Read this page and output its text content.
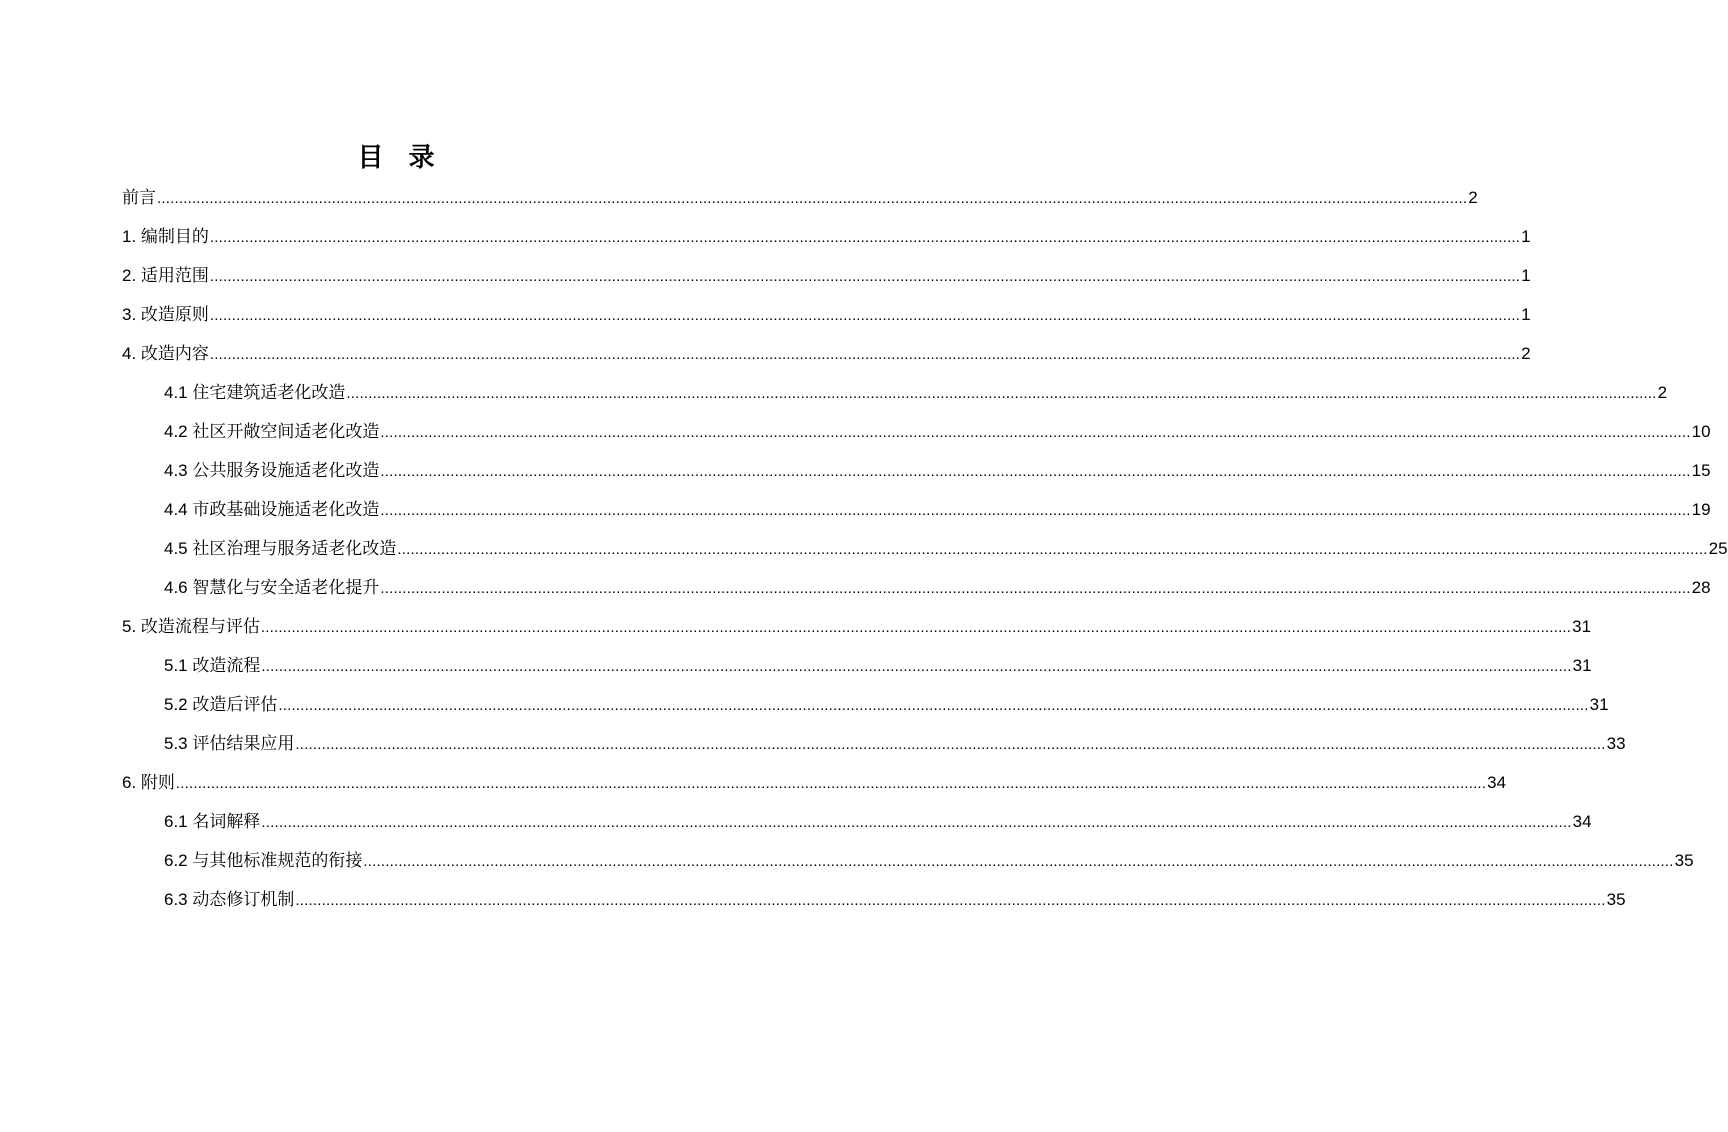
目 录
前言 ............................................................................................................................................................................................................................................................................................................ 2
1. 编制目的 ............................................................................................................................................................................................................................................................................................................ 1
2. 适用范围 ............................................................................................................................................................................................................................................................................................................ 1
3. 改造原则 ............................................................................................................................................................................................................................................................................................................ 1
4. 改造内容 ............................................................................................................................................................................................................................................................................................................ 2
4.1 住宅建筑适老化改造 ............................................................................................................................................................................................................................................................................................................ 2
4.2 社区开敞空间适老化改造 ............................................................................................................................................................................................................................................................................................................ 10
4.3 公共服务设施适老化改造 ............................................................................................................................................................................................................................................................................................................ 15
4.4 市政基础设施适老化改造 ............................................................................................................................................................................................................................................................................................................ 19
4.5 社区治理与服务适老化改造 ............................................................................................................................................................................................................................................................................................................ 25
4.6 智慧化与安全适老化提升 ............................................................................................................................................................................................................................................................................................................ 28
5. 改造流程与评估 ............................................................................................................................................................................................................................................................................................................ 31
5.1 改造流程 ............................................................................................................................................................................................................................................................................................................ 31
5.2 改造后评估 ............................................................................................................................................................................................................................................................................................................ 31
5.3 评估结果应用 ............................................................................................................................................................................................................................................................................................................ 33
6. 附则 ............................................................................................................................................................................................................................................................................................................ 34
6.1 名词解释 ............................................................................................................................................................................................................................................................................................................ 34
6.2 与其他标准规范的衔接 ............................................................................................................................................................................................................................................................................................................ 35
6.3 动态修订机制 ............................................................................................................................................................................................................................................................................................................ 35
